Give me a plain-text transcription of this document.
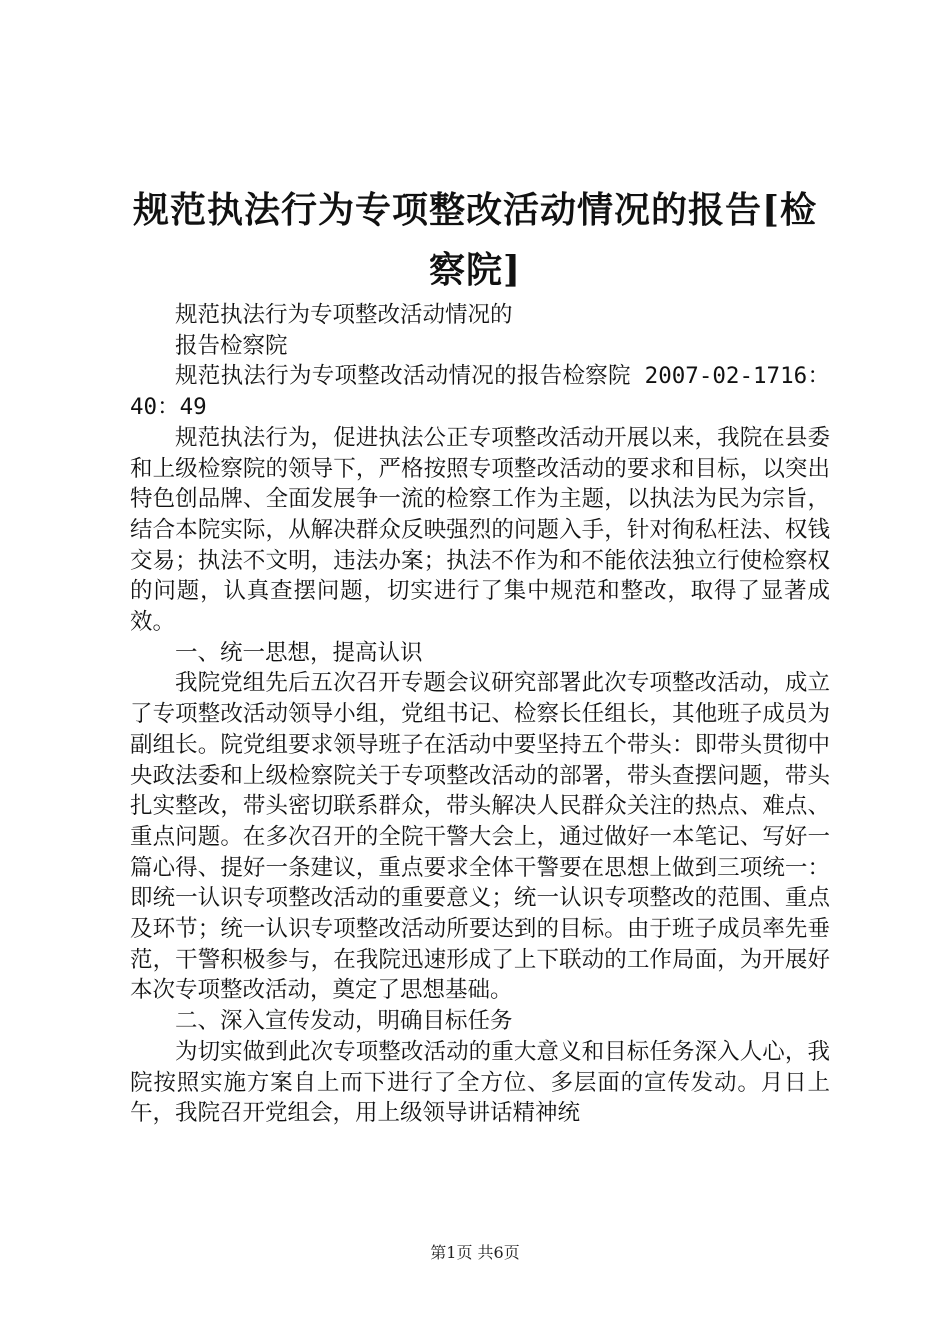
规范执法行为专项整改活动情况的报告[检察院]

规范执法行为专项整改活动情况的

报告检察院

规范执法行为专项整改活动情况的报告检察院 2007-02-1716：40：49

规范执法行为，促进执法公正专项整改活动开展以来，我院在县委和上级检察院的领导下，严格按照专项整改活动的要求和目标，以突出特色创品牌、全面发展争一流的检察工作为主题，以执法为民为宗旨，结合本院实际，从解决群众反映强烈的问题入手，针对徇私枉法、权钱交易；执法不文明，违法办案；执法不作为和不能依法独立行使检察权的问题，认真查摆问题，切实进行了集中规范和整改，取得了显著成效。

一、统一思想，提高认识

我院党组先后五次召开专题会议研究部署此次专项整改活动，成立了专项整改活动领导小组，党组书记、检察长任组长，其他班子成员为副组长。院党组要求领导班子在活动中要坚持五个带头：即带头贯彻中央政法委和上级检察院关于专项整改活动的部署，带头查摆问题，带头扎实整改，带头密切联系群众，带头解决人民群众关注的热点、难点、重点问题。在多次召开的全院干警大会上，通过做好一本笔记、写好一篇心得、提好一条建议，重点要求全体干警要在思想上做到三项统一：即统一认识专项整改活动的重要意义；统一认识专项整改的范围、重点及环节；统一认识专项整改活动所要达到的目标。由于班子成员率先垂范，干警积极参与，在我院迅速形成了上下联动的工作局面，为开展好本次专项整改活动，奠定了思想基础。

二、深入宣传发动，明确目标任务

为切实做到此次专项整改活动的重大意义和目标任务深入人心，我院按照实施方案自上而下进行了全方位、多层面的宣传发动。月日上午，我院召开党组会，用上级领导讲话精神统

第1页 共6页
